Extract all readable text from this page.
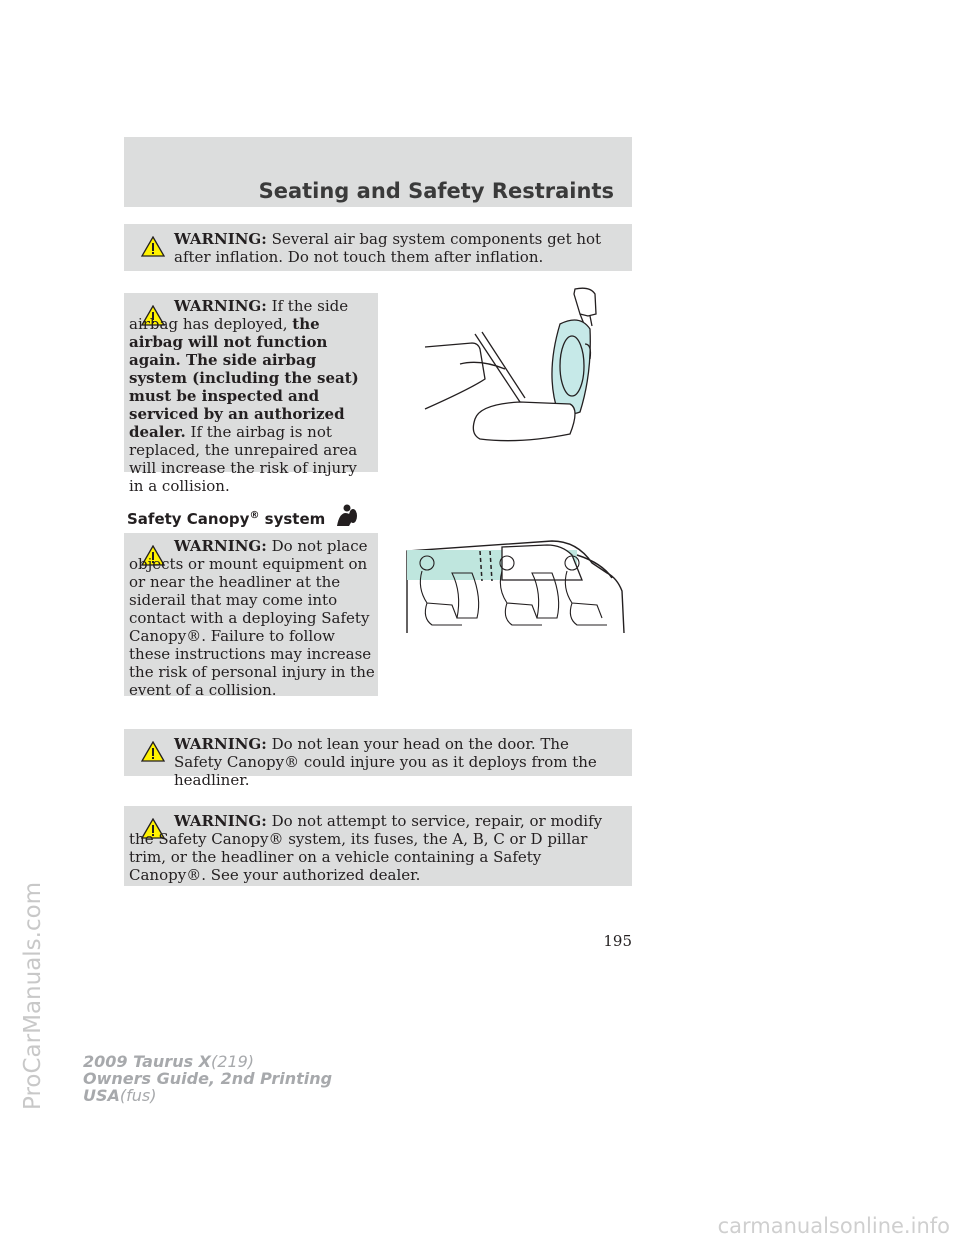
Seating and Safety Restraints

WARNING: Several air bag system components get hot after inflation. Do not touch them after inflation.

WARNING: If the side airbag has deployed, the airbag will not function again. The side airbag system (including the seat) must be inspected and serviced by an authorized dealer. If the airbag is not replaced, the unrepaired area will increase the risk of injury in a collision.

Safety Canopy® system

WARNING: Do not place objects or mount equipment on or near the headliner at the siderail that may come into contact with a deploying Safety Canopy®. Failure to follow these instructions may increase the risk of personal injury in the event of a collision.

WARNING: Do not lean your head on the door. The Safety Canopy® could injure you as it deploys from the headliner.

WARNING: Do not attempt to service, repair, or modify the Safety Canopy® system, its fuses, the A, B, C or D pillar trim, or the headliner on a vehicle containing a Safety Canopy®. See your authorized dealer.

195
2009 Taurus X(219)
Owners Guide, 2nd Printing
USA(fus)
ProCarManuals.com
carmanualsonline.info
